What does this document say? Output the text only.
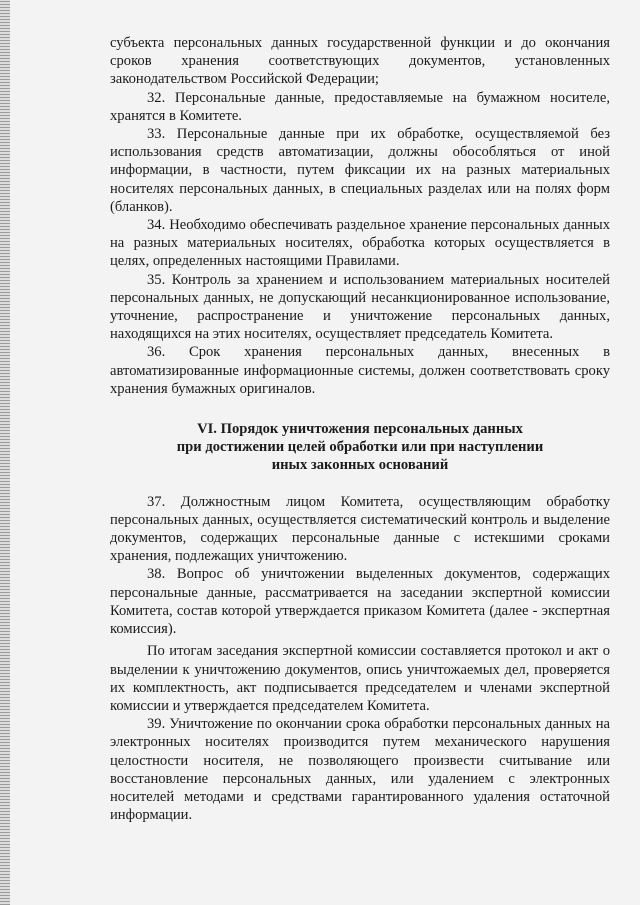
субъекта персональных данных государственной функции и до окончания сроков хранения соответствующих документов, установленных законодательством Российской Федерации;

32. Персональные данные, предоставляемые на бумажном носителе, хранятся в Комитете.

33. Персональные данные при их обработке, осуществляемой без использования средств автоматизации, должны обособляться от иной информации, в частности, путем фиксации их на разных материальных носителях персональных данных, в специальных разделах или на полях форм (бланков).

34. Необходимо обеспечивать раздельное хранение персональных данных на разных материальных носителях, обработка которых осуществляется в целях, определенных настоящими Правилами.

35. Контроль за хранением и использованием материальных носителей персональных данных, не допускающий несанкционированное использование, уточнение, распространение и уничтожение персональных данных, находящихся на этих носителях, осуществляет председатель Комитета.

36. Срок хранения персональных данных, внесенных в автоматизированные информационные системы, должен соответствовать сроку хранения бумажных оригиналов.

VI. Порядок уничтожения персональных данных
при достижении целей обработки или при наступлении
иных законных оснований

37. Должностным лицом Комитета, осуществляющим обработку персональных данных, осуществляется систематический контроль и выделение документов, содержащих персональные данные с истекшими сроками хранения, подлежащих уничтожению.

38. Вопрос об уничтожении выделенных документов, содержащих персональные данные, рассматривается на заседании экспертной комиссии Комитета, состав которой утверждается приказом Комитета (далее - экспертная комиссия).

По итогам заседания экспертной комиссии составляется протокол и акт о выделении к уничтожению документов, опись уничтожаемых дел, проверяется их комплектность, акт подписывается председателем и членами экспертной комиссии и утверждается председателем Комитета.

39. Уничтожение по окончании срока обработки персональных данных на электронных носителях производится путем механического нарушения целостности носителя, не позволяющего произвести считывание или восстановление персональных данных, или удалением с электронных носителей методами и средствами гарантированного удаления остаточной информации.
